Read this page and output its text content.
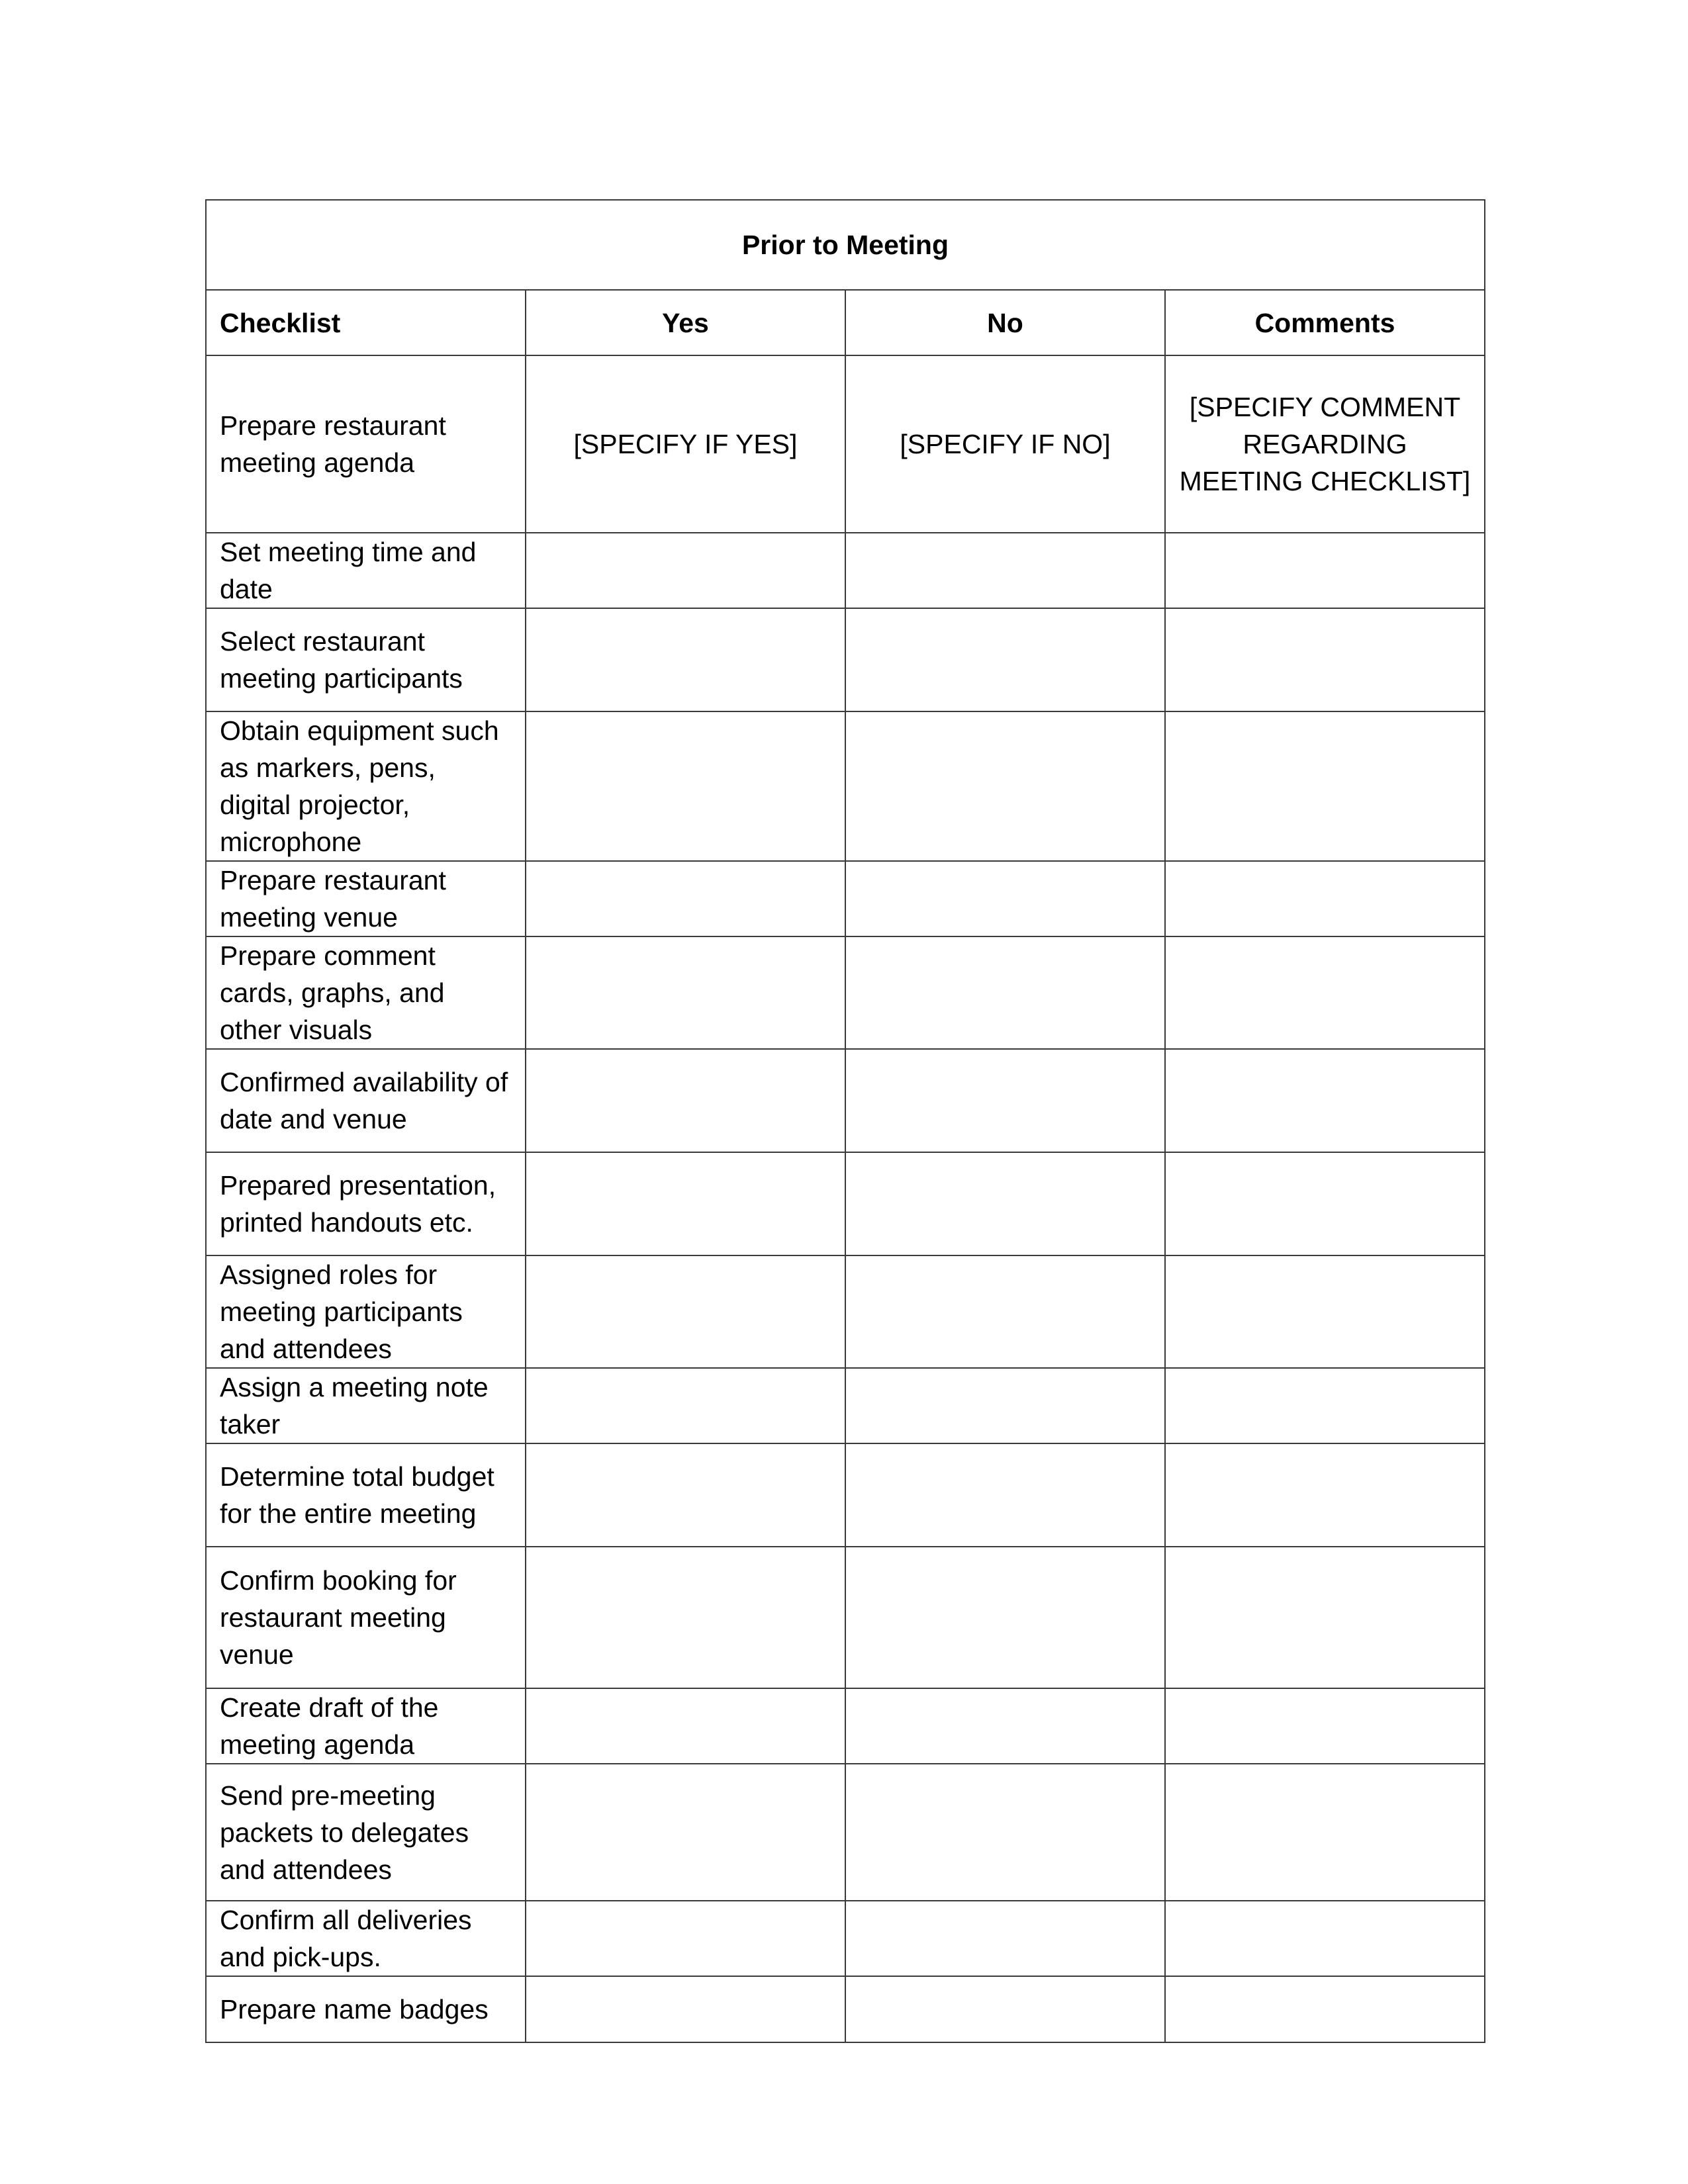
Prior to Meeting			
Checklist	Yes	No	Comments
Prepare restaurant meeting agenda	[SPECIFY IF YES]	[SPECIFY IF NO]	[SPECIFY COMMENT REGARDING MEETING CHECKLIST]
Set meeting time and date			
Select restaurant meeting participants			
Obtain equipment such as markers, pens, digital projector, microphone			
Prepare restaurant meeting venue			
Prepare comment cards, graphs, and other visuals			
Confirmed availability of date and venue			
Prepared presentation, printed handouts etc.			
Assigned roles for meeting participants and attendees			
Assign a meeting note taker			
Determine total budget for the entire meeting			
Confirm booking for restaurant meeting venue			
Create draft of the meeting agenda			
Send pre-meeting packets to delegates and attendees			
Confirm all deliveries and pick-ups.			
Prepare name badges			
